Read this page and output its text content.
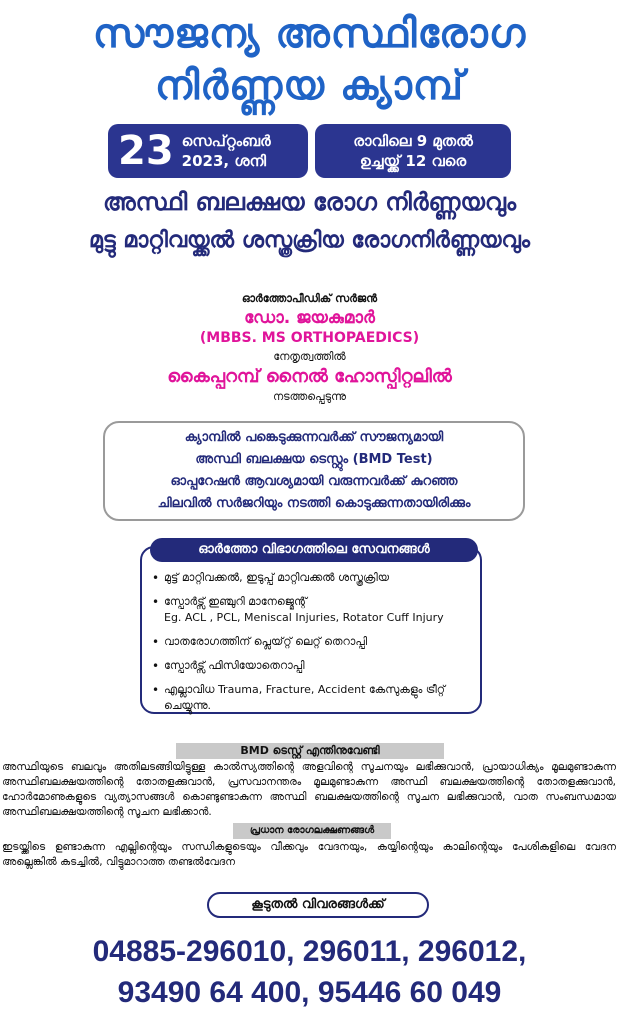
സൗജന്യ അസ്ഥിരോഗ
നിർണ്ണയ ക്യാമ്പ്
23 സെപ്റ്റംബർ
2023, ശനി
രാവിലെ 9 മുതൽ
ഉച്ചയ്ക്ക് 12 വരെ
അസ്ഥി ബലക്ഷയ രോഗ നിർണ്ണയവും
മുട്ടു മാറ്റിവയ്ക്കൽ ശസ്ത്രക്രിയ രോഗനിർണ്ണയവും
ഓർത്തോപീഡിക് സർജൻ
ഡോ. ജയകുമാർ
(MBBS. MS ORTHOPAEDICS)
നേതൃത്വത്തിൽ
കൈപ്പറമ്പ് നൈൽ ഹോസ്പിറ്റലിൽ
നടത്തപ്പെടുന്നു
ക്യാമ്പിൽ പങ്കെടുക്കുന്നവർക്ക് സൗജന്യമായി
അസ്ഥി ബലക്ഷയ ടെസ്റ്റും (BMD Test)
ഓപ്പറേഷൻ ആവശ്യമായി വരുന്നവർക്ക് കുറഞ്ഞ
ചിലവിൽ സർജറിയും നടത്തി കൊടുക്കുന്നതായിരിക്കും
• മുട്ട് മാറ്റിവക്കൽ, ഇടുപ്പ് മാറ്റിവക്കൽ ശസ്ത്രക്രിയ
• സ്പോർട്സ് ഇഞ്ചുറി മാനേജ്മെന്റ്
Eg. ACL , PCL, Meniscal Injuries, Rotator Cuff Injury
• വാതരോഗത്തിന് പ്ലെയ്റ്റ് ലെറ്റ് തെറാപ്പി
• സ്പോർട്സ് ഫിസിയോതെറാപ്പി
• എല്ലാവിധ Trauma, Fracture, Accident കേസുകളും ട്രീറ്റ് ചെയ്യുന്നു.
ഓർത്തോ വിഭാഗത്തിലെ സേവനങ്ങൾ
BMD ടെസ്റ്റ് എന്തിനുവേണ്ടി
അസ്ഥിയുടെ ബലവും അതിലടങ്ങിയിട്ടുള്ള കാൽസ്യത്തിന്റെ അളവിന്റെ സൂചനയും ലഭിക്കുവാൻ, പ്രായാധിക്യം മൂലമുണ്ടാകുന്ന അസ്ഥിബലക്ഷയത്തിന്റെ തോതളക്കുവാൻ, പ്രസവാനന്തരം മൂലമുണ്ടാകുന്ന അസ്ഥി ബലക്ഷയത്തിന്റെ തോതളക്കുവാൻ, ഹോർമോണുകളുടെ വ്യത്യാസങ്ങൾ കൊണ്ടുണ്ടാകുന്ന അസ്ഥി ബലക്ഷയത്തിന്റെ സൂചന ലഭിക്കുവാൻ, വാത സംബന്ധമായ അസ്ഥിബലക്ഷയത്തിന്റെ സൂചന ലഭിക്കാൻ.
പ്രധാന രോഗലക്ഷണങ്ങൾ
ഇടയ്ക്കിടെ ഉണ്ടാകുന്ന എല്ലിന്റെയും സന്ധികളുടെയും വീക്കവും വേദനയും, കയ്യിന്റെയും കാലിന്റെയും പേശികളിലെ വേദന അല്ലെങ്കിൽ കടച്ചിൽ, വിട്ടുമാറാത്ത തണ്ടൽവേദന
കൂടുതൽ വിവരങ്ങൾക്ക്
04885-296010, 296011, 296012,
93490 64 400, 95446 60 049
